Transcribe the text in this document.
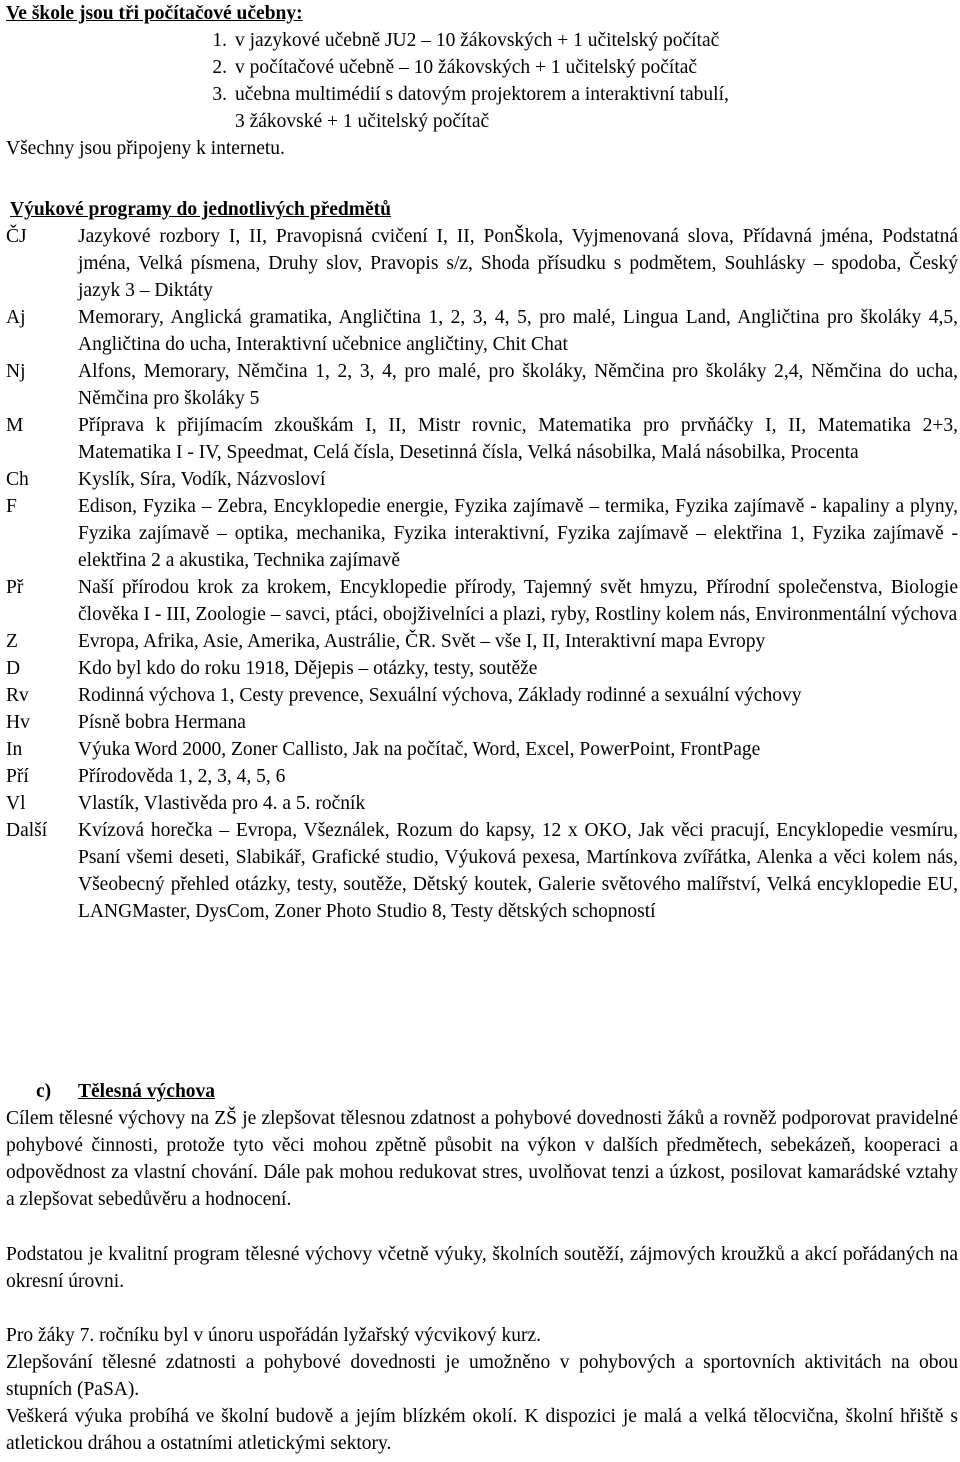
Ve škole jsou tři počítačové učebny:
1. v jazykové učebně JU2 – 10 žákovských + 1 učitelský počítač
2. v počítačové učebně – 10 žákovských + 1 učitelský počítač
3. učebna multimédií s datovým projektorem a interaktivní tabulí,
3 žákovské + 1 učitelský počítač
Všechny jsou připojeny k internetu.
Výukové programy do jednotlivých předmětů
ČJ	Jazykové rozbory I, II, Pravopisná cvičení I, II, PonŠkola, Vyjmenovaná slova, Přídavná jména, Podstatná jména, Velká písmena, Druhy slov, Pravopis s/z, Shoda přísudku s podmětem, Souhlásky – spodoba, Český jazyk 3 – Diktáty
Aj	Memorary, Anglická gramatika, Angličtina 1, 2, 3, 4, 5, pro malé, Lingua Land, Angličtina pro školáky 4,5, Angličtina do ucha, Interaktivní učebnice angličtiny, Chit Chat
Nj	Alfons, Memorary, Němčina 1, 2, 3, 4, pro malé, pro školáky, Němčina pro školáky 2,4, Němčina do ucha, Němčina pro školáky 5
M	Příprava k přijímacím zkouškám I, II, Mistr rovnic, Matematika pro prvňáčky I, II, Matematika 2+3, Matematika I - IV, Speedmat, Celá čísla, Desetinná čísla, Velká násobilka, Malá násobilka, Procenta
Ch	Kyslík, Síra, Vodík, Názvosloví
F	Edison, Fyzika – Zebra, Encyklopedie energie, Fyzika zajímavě – termika, Fyzika zajímavě - kapaliny a plyny, Fyzika zajímavě – optika, mechanika, Fyzika interaktivní, Fyzika zajímavě – elektřina 1, Fyzika zajímavě - elektřina 2 a akustika, Technika zajímavě
Př	Naší přírodou krok za krokem, Encyklopedie přírody, Tajemný svět hmyzu, Přírodní společenstva, Biologie člověka I - III, Zoologie – savci, ptáci, obojživelníci a plazi, ryby, Rostliny kolem nás, Environmentální výchova
Z	Evropa, Afrika, Asie, Amerika, Austrálie, ČR. Svět – vše I, II, Interaktivní mapa Evropy
D	Kdo byl kdo do roku 1918, Dějepis – otázky, testy, soutěže
Rv	Rodinná výchova 1, Cesty prevence, Sexuální výchova, Základy rodinné a sexuální výchovy
Hv	Písně bobra Hermana
In	Výuka Word 2000, Zoner Callisto, Jak na počítač, Word, Excel, PowerPoint, FrontPage
Pří	Přírodověda 1, 2, 3, 4, 5, 6
Vl	Vlastík, Vlastivěda pro 4. a 5. ročník
Další	Kvízová horečka – Evropa, Všeználek, Rozum do kapsy, 12 x OKO, Jak věci pracují, Encyklopedie vesmíru, Psaní všemi deseti, Slabikář, Grafické studio, Výuková pexesa, Martínkova zvířátka, Alenka a věci kolem nás, Všeobecný přehled otázky, testy, soutěže, Dětský koutek, Galerie světového malířství, Velká encyklopedie EU, LANGMaster, DysCom, Zoner Photo Studio 8, Testy dětských schopností
c) Tělesná výchova
Cílem tělesné výchovy na ZŠ je zlepšovat tělesnou zdatnost a pohybové dovednosti žáků a rovněž podporovat pravidelné pohybové činnosti, protože tyto věci mohou zpětně působit na výkon v dalších předmětech, sebekázeň, kooperaci a odpovědnost za vlastní chování. Dále pak mohou redukovat stres, uvolňovat tenzi a úzkost, posilovat kamarádské vztahy a zlepšovat sebedůvěru a hodnocení.
Podstatou je kvalitní program tělesné výchovy včetně výuky, školních soutěží, zájmových kroužků a akcí pořádaných na okresní úrovni.
Pro žáky 7. ročníku byl v únoru uspořádán lyžařský výcvikový kurz.
Zlepšování tělesné zdatnosti a pohybové dovednosti je umožněno v pohybových a sportovních aktivitách na obou stupních (PaSA).
Veškerá výuka probíhá ve školní budově a jejím blízkém okolí. K dispozici je malá a velká tělocvična, školní hřiště s atletickou dráhou a ostatními atletickými sektory.
